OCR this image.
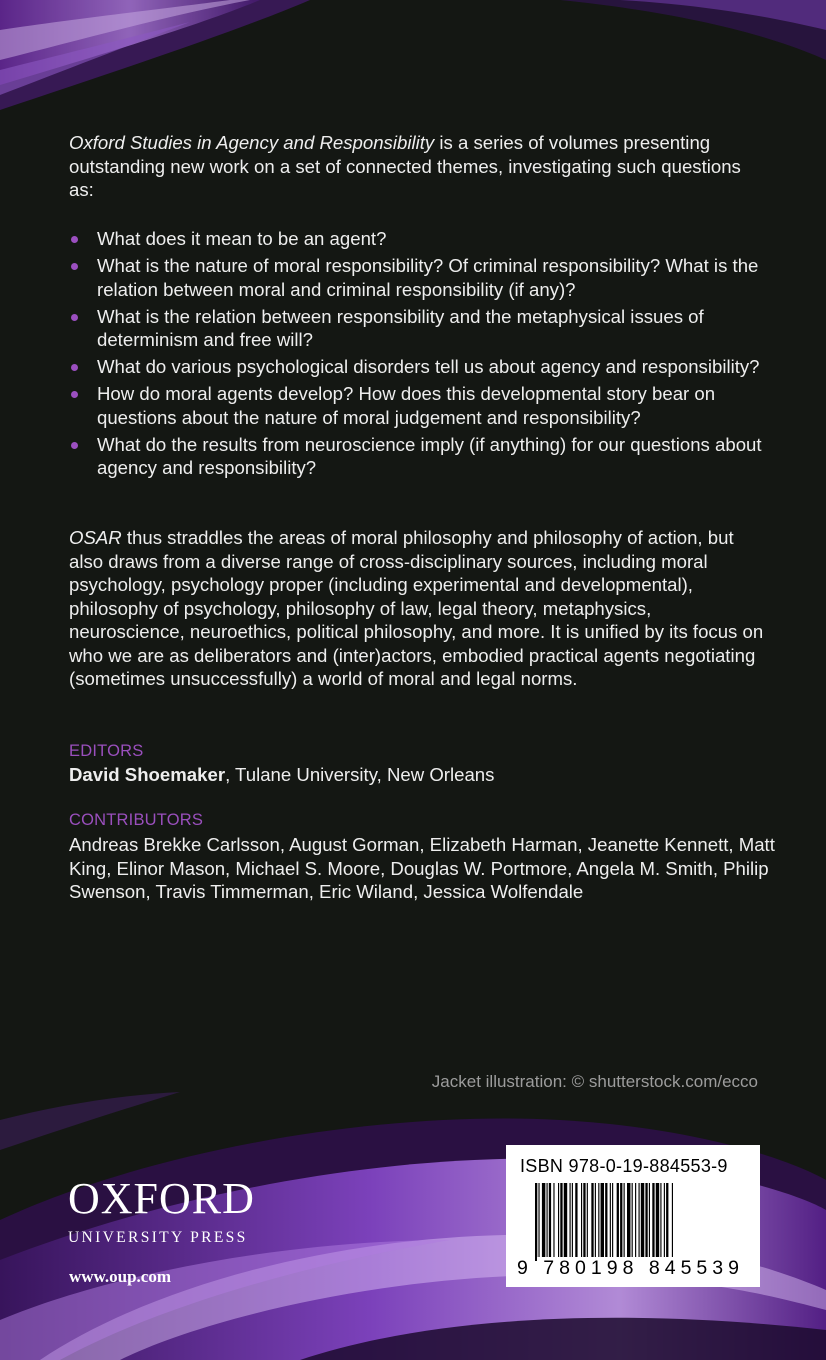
Oxford Studies in Agency and Responsibility is a series of volumes presenting outstanding new work on a set of connected themes, investigating such questions as:

What does it mean to be an agent?
What is the nature of moral responsibility? Of criminal responsibility? What is the relation between moral and criminal responsibility (if any)?
What is the relation between responsibility and the metaphysical issues of determinism and free will?
What do various psychological disorders tell us about agency and responsibility?
How do moral agents develop? How does this developmental story bear on questions about the nature of moral judgement and responsibility?
What do the results from neuroscience imply (if anything) for our questions about agency and responsibility?

OSAR thus straddles the areas of moral philosophy and philosophy of action, but also draws from a diverse range of cross-disciplinary sources, including moral psychology, psychology proper (including experimental and developmental), philosophy of psychology, philosophy of law, legal theory, metaphysics, neuroscience, neuroethics, political philosophy, and more. It is unified by its focus on who we are as deliberators and (inter)actors, embodied practical agents negotiating (sometimes unsuccessfully) a world of moral and legal norms.

EDITORS
David Shoemaker, Tulane University, New Orleans
CONTRIBUTORS

Andreas Brekke Carlsson, August Gorman, Elizabeth Harman, Jeanette Kennett, Matt King, Elinor Mason, Michael S. Moore, Douglas W. Portmore, Angela M. Smith, Philip Swenson, Travis Timmerman, Eric Wiland, Jessica Wolfendale

Jacket illustration: © shutterstock.com/ecco
OXFORD
UNIVERSITY PRESS
www.oup.com
ISBN 978-0-19-884553-9
9 780198 845539
